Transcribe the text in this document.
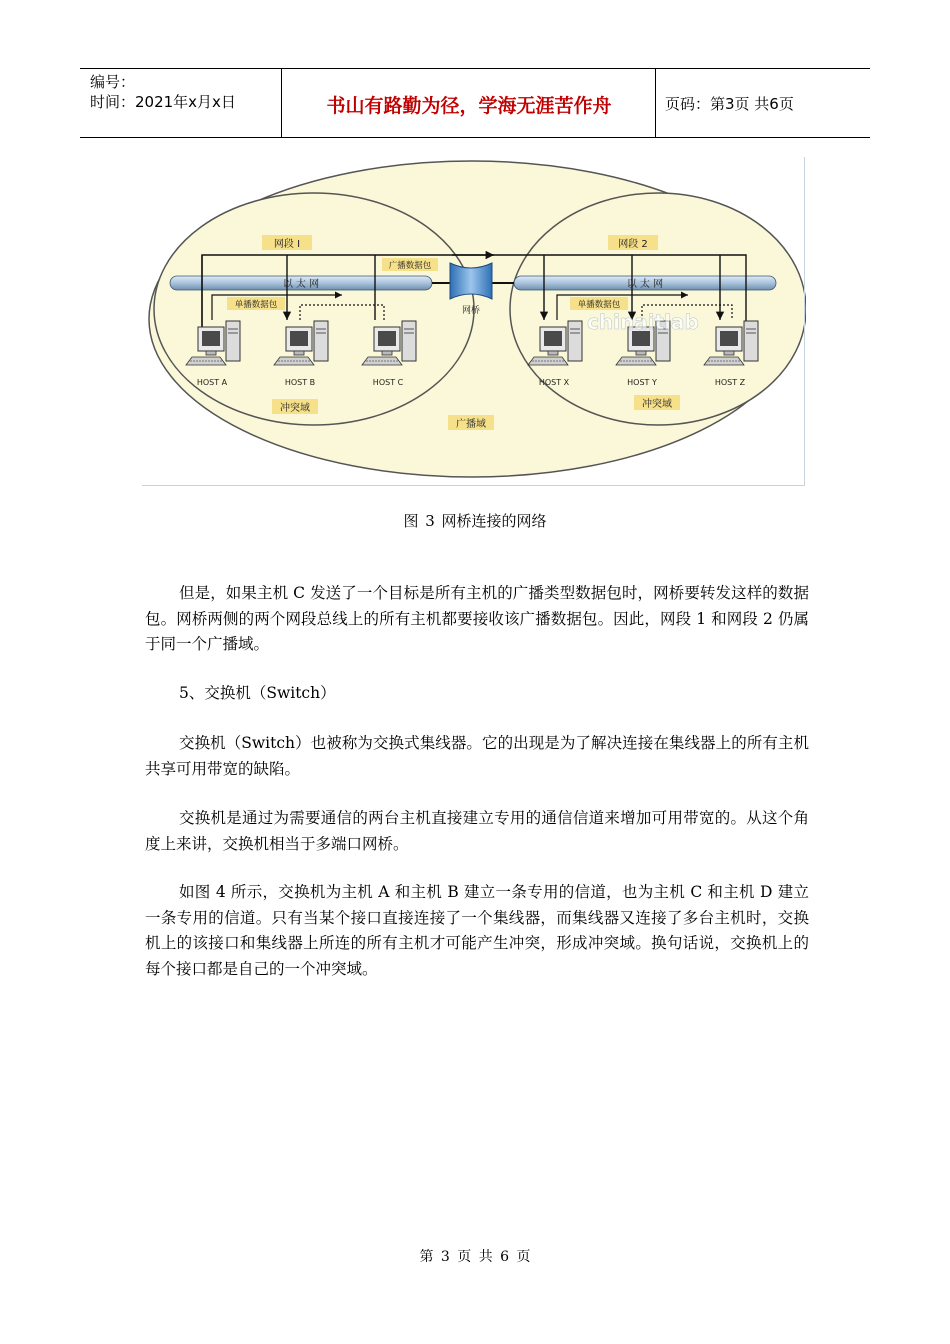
编号：
时间：2021年x月x日	书山有路勤为径，学海无涯苦作舟	页码：第3页 共6页
以 太 网	以 太 网
网桥
网段 I	网段 2
广播数据包
单播数据包	单播数据包
HOST A	HOST B	HOST C	HOST X	HOST Y	HOST Z
chinaitlab
冲突域	冲突域
广播域
图 3 网桥连接的网络

但是，如果主机 C 发送了一个目标是所有主机的广播类型数据包时，网桥要转发这样的数据包。网桥两侧的两个网段总线上的所有主机都要接收该广播数据包。因此，网段 1 和网段 2 仍属于同一个广播域。

5、交换机（Switch）

交换机（Switch）也被称为交换式集线器。它的出现是为了解决连接在集线器上的所有主机共享可用带宽的缺陷。

交换机是通过为需要通信的两台主机直接建立专用的通信信道来增加可用带宽的。从这个角度上来讲，交换机相当于多端口网桥。

如图 4 所示，交换机为主机 A 和主机 B 建立一条专用的信道，也为主机 C 和主机 D 建立一条专用的信道。只有当某个接口直接连接了一个集线器，而集线器又连接了多台主机时，交换机上的该接口和集线器上所连的所有主机才可能产生冲突，形成冲突域。换句话说，交换机上的每个接口都是自己的一个冲突域。

第 3 页 共 6 页
